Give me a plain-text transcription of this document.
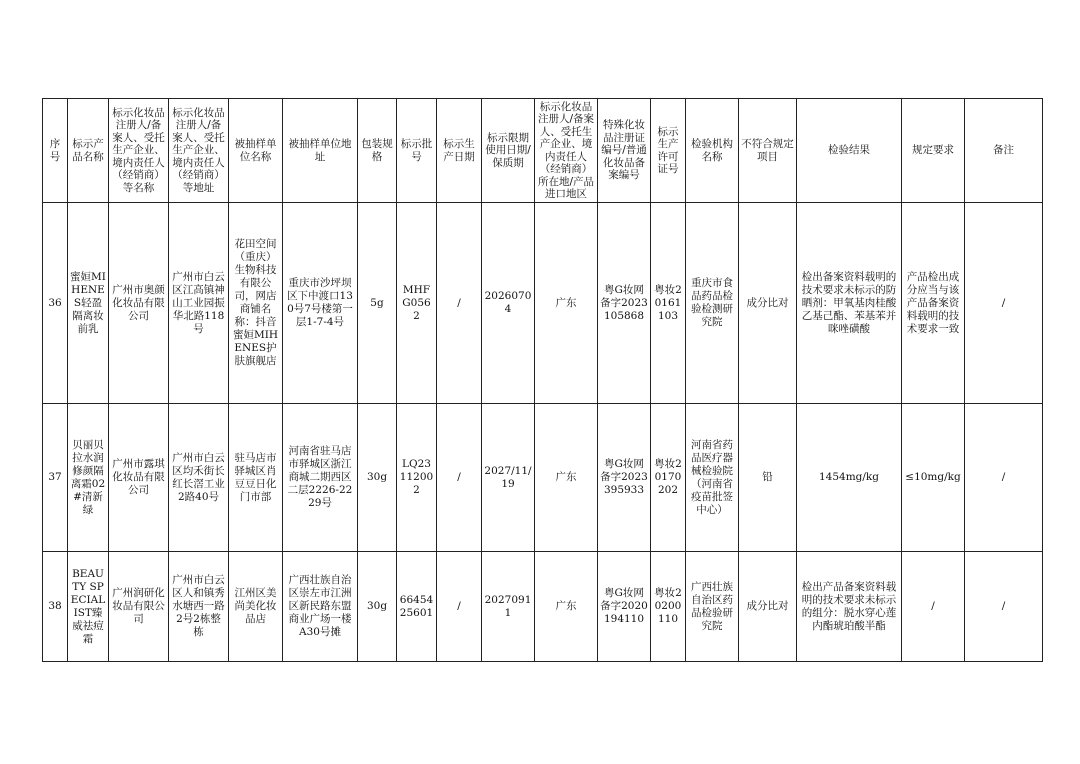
序号	标示产品名称	标示化妆品注册人/备案人、受托生产企业、境内责任人（经销商）等名称	标示化妆品注册人/备案人、受托生产企业、境内责任人（经销商）等地址	被抽样单位名称	被抽样单位地址	包装规格	标示批号	标示生产日期	标示限期使用日期/保质期	标示化妆品注册人/备案人、受托生产企业、境内责任人（经销商）所在地/产品进口地区	特殊化妆品注册证编号/普通化妆品备案编号	标示生产许可证号	检验机构名称	不符合规定项目	检验结果	规定要求	备注
36	蜜姮MIHENES轻盈隔离妆前乳	广州市奥颜化妆品有限公司	广州市白云区江高镇神山工业园振华北路118号	花田空间（重庆）生物科技有限公司，网店商铺名称：抖音蜜姮MIHENES护肤旗舰店	重庆市沙坪坝区下中渡口130号7号楼第一层1-7-4号	5g	MHFG0562	/	20260704	广东	粤G妆网备字2023105868	粤妆20161103	重庆市食品药品检验检测研究院	成分比对	检出备案资料载明的技术要求未标示的防晒剂：甲氧基肉桂酸乙基己酯、苯基苯并咪唑磺酸	产品检出成分应当与该产品备案资料载明的技术要求一致	/
37	贝丽贝拉水润修颜隔离霜02#清新绿	广州市露琪化妆品有限公司	广州市白云区均禾街长红长滘工业2路40号	驻马店市驿城区肖豆豆日化门市部	河南省驻马店市驿城区浙江商城二期西区二层2226-2229号	30g	LQ23112002	/	2027/11/19	广东	粤G妆网备字2023395933	粤妆20170202	河南省药品医疗器械检验院（河南省疫苗批签中心）	铅	1454mg/kg	≤10mg/kg	/
38	BEAUTY SPECIALIST臻威祛痘霜	广州润研化妆品有限公司	广州市白云区人和镇秀水塘西一路2号2栋整栋	江州区美尚美化妆品店	广西壮族自治区崇左市江洲区新民路东盟商业广场一楼A30号摊	30g	6645425601	/	20270911	广东	粤G妆网备字2020194110	粤妆20200110	广西壮族自治区药品检验研究院	成分比对	检出产品备案资料载明的技术要求未标示的组分：脱水穿心莲内酯琥珀酸半酯	/	/
